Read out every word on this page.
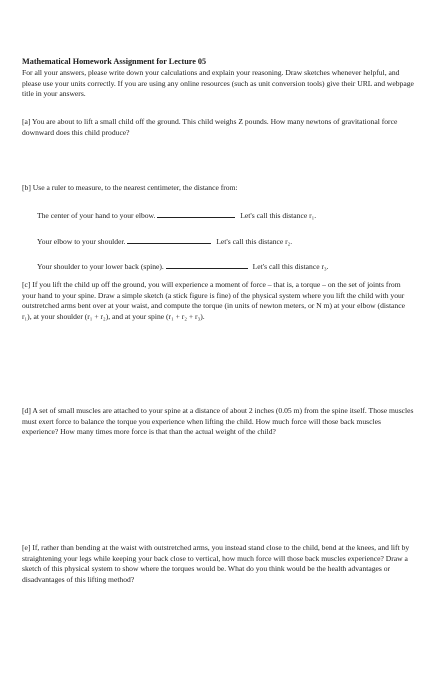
Mathematical Homework Assignment for Lecture 05
For all your answers, please write down your calculations and explain your reasoning. Draw sketches whenever helpful, and please use your units correctly. If you are using any online resources (such as unit conversion tools) give their URL and webpage title in your answers.
[a] You are about to lift a small child off the ground. This child weighs Z pounds. How many newtons of gravitational force downward does this child produce?
[b] Use a ruler to measure, to the nearest centimeter, the distance from:
The center of your hand to your elbow.	Let's call this distance r₁.
Your elbow to your shoulder.	Let's call this distance r₂.
Your shoulder to your lower back (spine).	Let's call this distance r₃.
[c] If you lift the child up off the ground, you will experience a moment of force – that is, a torque – on the set of joints from your hand to your spine. Draw a simple sketch (a stick figure is fine) of the physical system where you lift the child with your outstretched arms bent over at your waist, and compute the torque (in units of newton meters, or N m) at your elbow (distance r₁), at your shoulder (r₁ + r₂), and at your spine (r₁ + r₂ + r₃).
[d] A set of small muscles are attached to your spine at a distance of about 2 inches (0.05 m) from the spine itself. Those muscles must exert force to balance the torque you experience when lifting the child. How much force will those back muscles experience? How many times more force is that than the actual weight of the child?
[e] If, rather than bending at the waist with outstretched arms, you instead stand close to the child, bend at the knees, and lift by straightening your legs while keeping your back close to vertical, how much force will those back muscles experience? Draw a sketch of this physical system to show where the torques would be. What do you think would be the health advantages or disadvantages of this lifting method?
